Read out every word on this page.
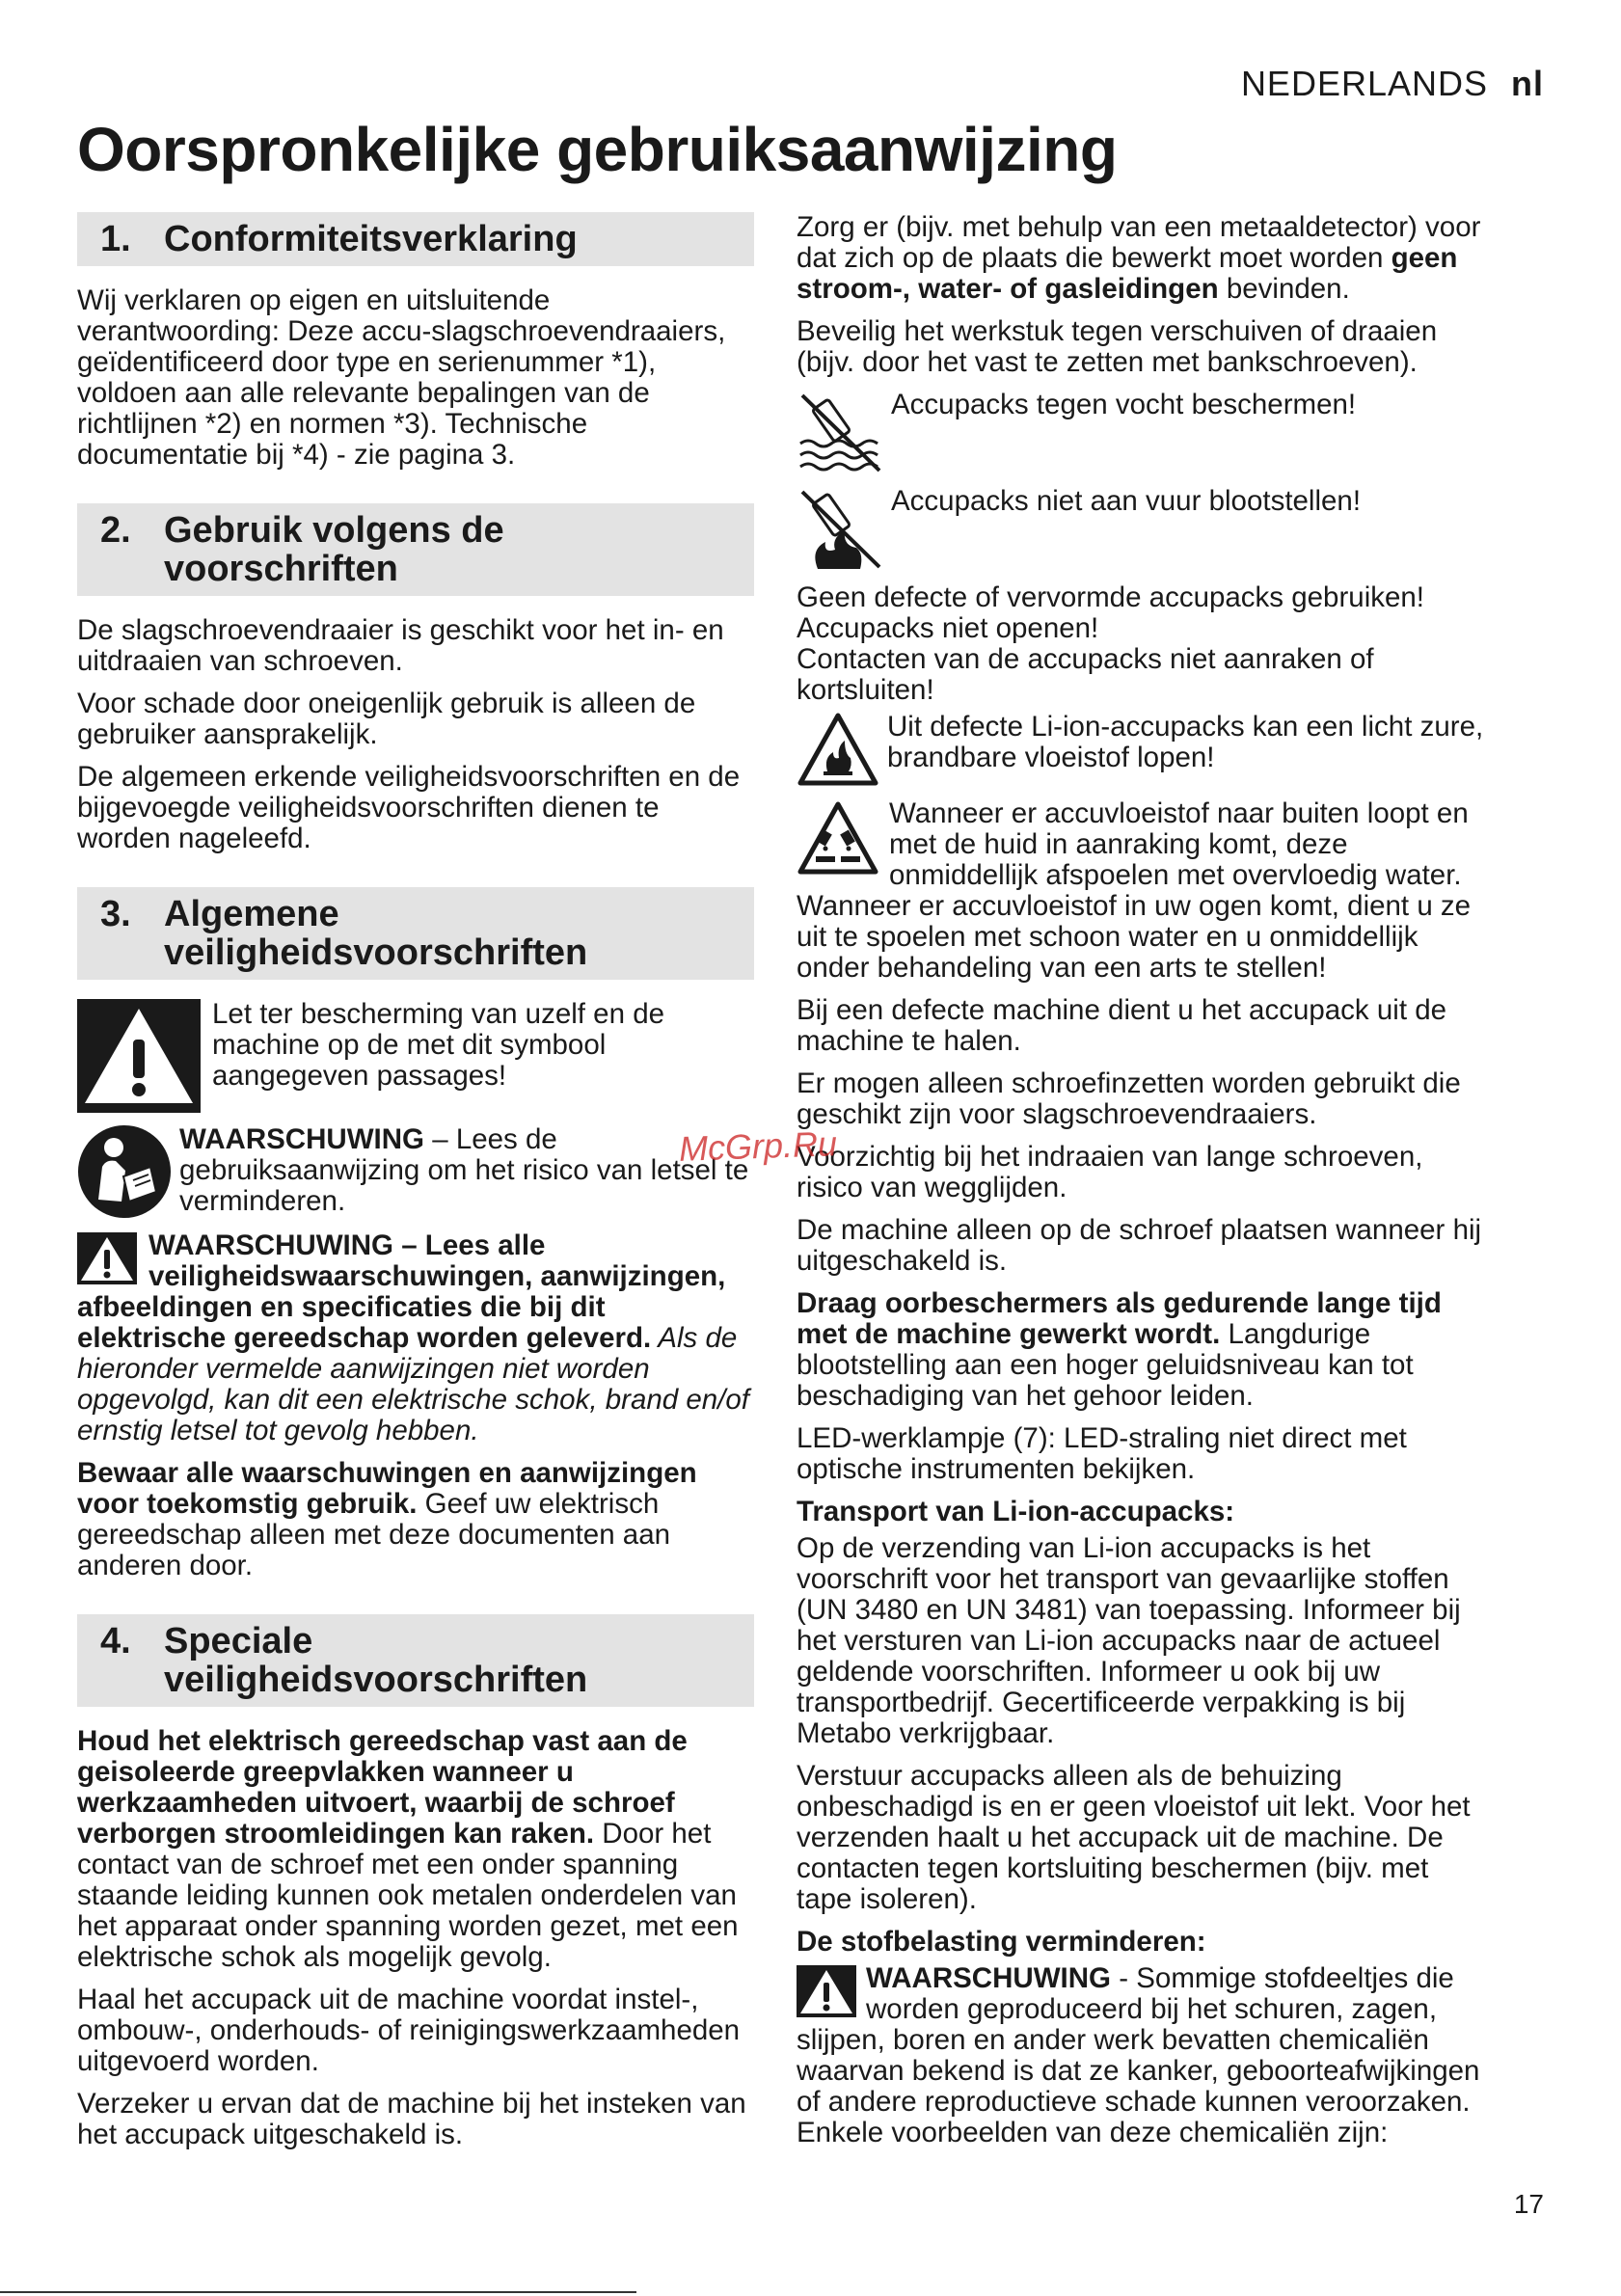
NEDERLANDS nl
Oorspronkelijke gebruiksaanwijzing
1. Conformiteitsverklaring

Wij verklaren op eigen en uitsluitende verantwoording: Deze accu-slagschroevendraaiers, geïdentificeerd door type en serienummer *1), voldoen aan alle relevante bepalingen van de richtlijnen *2) en normen *3). Technische documentatie bij *4) - zie pagina 3.

2. Gebruik volgens de
voorschriften

De slagschroevendraaier is geschikt voor het in- en uitdraaien van schroeven.

Voor schade door oneigenlijk gebruik is alleen de gebruiker aansprakelijk.

De algemeen erkende veiligheidsvoorschriften en de bijgevoegde veiligheidsvoorschriften dienen te worden nageleefd.

3. Algemene
veiligheidsvoorschriften
Let ter bescherming van uzelf en de machine op de met dit symbool aangegeven passages!
WAARSCHUWING – Lees de gebruiksaanwijzing om het risico van letsel te verminderen.

WAARSCHUWING – Lees alle veiligheidswaarschuwingen, aanwijzingen, afbeeldingen en specificaties die bij dit elektrische gereedschap worden geleverd. Als de hieronder vermelde aanwijzingen niet worden opgevolgd, kan dit een elektrische schok, brand en/of ernstig letsel tot gevolg hebben.

Bewaar alle waarschuwingen en aanwijzingen voor toekomstig gebruik. Geef uw elektrisch gereedschap alleen met deze documenten aan anderen door.

4. Speciale
veiligheidsvoorschriften

Houd het elektrisch gereedschap vast aan de geisoleerde greepvlakken wanneer u werkzaamheden uitvoert, waarbij de schroef verborgen stroomleidingen kan raken. Door het contact van de schroef met een onder spanning staande leiding kunnen ook metalen onderdelen van het apparaat onder spanning worden gezet, met een elektrische schok als mogelijk gevolg.

Haal het accupack uit de machine voordat instel-, ombouw-, onderhouds- of reinigingswerkzaamheden uitgevoerd worden.

Verzeker u ervan dat de machine bij het insteken van het accupack uitgeschakeld is.

Zorg er (bijv. met behulp van een metaaldetector) voor dat zich op de plaats die bewerkt moet worden geen stroom-, water- of gasleidingen bevinden.

Beveilig het werkstuk tegen verschuiven of draaien (bijv. door het vast te zetten met bankschroeven).

Accupacks tegen vocht beschermen!
Accupacks niet aan vuur blootstellen!

Geen defecte of vervormde accupacks gebruiken!
Accupacks niet openen!
Contacten van de accupacks niet aanraken of kortsluiten!

Uit defecte Li-ion-accupacks kan een licht zure, brandbare vloeistof lopen!

Wanneer er accuvloeistof naar buiten loopt en met de huid in aanraking komt, deze onmiddellijk afspoelen met overvloedig water. Wanneer er accuvloeistof in uw ogen komt, dient u ze uit te spoelen met schoon water en u onmiddellijk onder behandeling van een arts te stellen!

Bij een defecte machine dient u het accupack uit de machine te halen.

Er mogen alleen schroefinzetten worden gebruikt die geschikt zijn voor slagschroevendraaiers.

Voorzichtig bij het indraaien van lange schroeven, risico van wegglijden.

De machine alleen op de schroef plaatsen wanneer hij uitgeschakeld is.

Draag oorbeschermers als gedurende lange tijd met de machine gewerkt wordt. Langdurige blootstelling aan een hoger geluidsniveau kan tot beschadiging van het gehoor leiden.

LED-werklampje (7): LED-straling niet direct met optische instrumenten bekijken.

Transport van Li-ion-accupacks:

Op de verzending van Li-ion accupacks is het voorschrift voor het transport van gevaarlijke stoffen (UN 3480 en UN 3481) van toepassing. Informeer bij het versturen van Li-ion accupacks naar de actueel geldende voorschriften. Informeer u ook bij uw transportbedrijf. Gecertificeerde verpakking is bij Metabo verkrijgbaar.

Verstuur accupacks alleen als de behuizing onbeschadigd is en er geen vloeistof uit lekt. Voor het verzenden haalt u het accupack uit de machine. De contacten tegen kortsluiting beschermen (bijv. met tape isoleren).

De stofbelasting verminderen:

WAARSCHUWING - Sommige stofdeeltjes die worden geproduceerd bij het schuren, zagen, slijpen, boren en ander werk bevatten chemicaliën waarvan bekend is dat ze kanker, geboorteafwijkingen of andere reproductieve schade kunnen veroorzaken. Enkele voorbeelden van deze chemicaliën zijn:

McGrp.Ru
17
